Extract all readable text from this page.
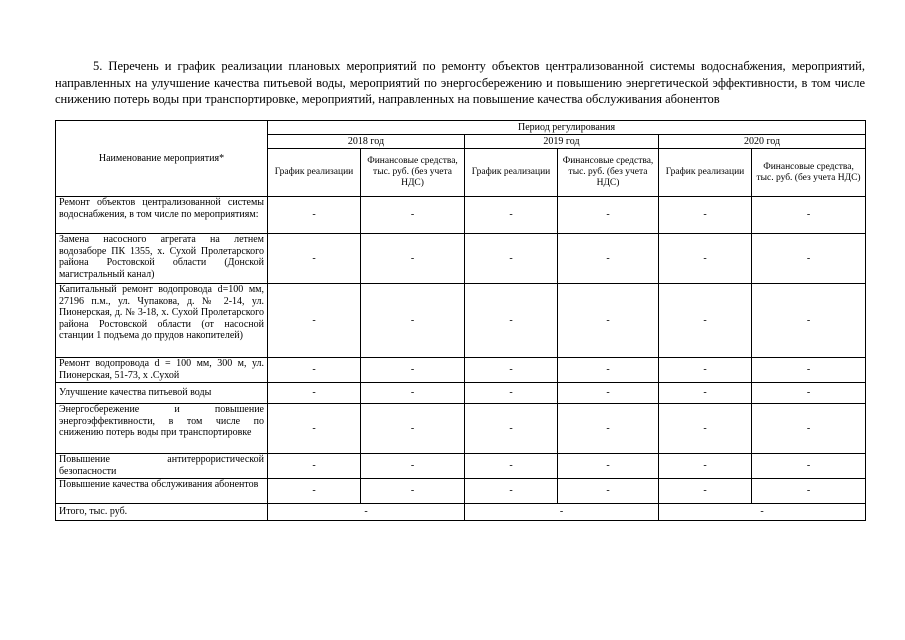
5. Перечень и график реализации плановых мероприятий по ремонту объектов централизованной системы водоснабжения, мероприятий, направленных на улучшение качества питьевой воды, мероприятий по энергосбережению и повышению энергетической эффективности, в том числе снижению потерь воды при транспортировке, мероприятий, направленных на повышение качества обслуживания абонентов
Наименование мероприятия*	Период регулирования					
	2018 год		2019 год		2020 год	
	График реализации	Финансовые средства, тыс. руб. (без учета НДС)	График реализации	Финансовые средства, тыс. руб. (без учета НДС)	График реализации	Финансовые средства, тыс. руб. (без учета НДС)
Ремонт объектов централизованной системы водоснабжения, в том числе по мероприятиям:	-	-	-	-	-	-
Замена насосного агрегата на летнем водозаборе ПК 1355, х. Сухой Пролетарского района Ростовской области (Донской магистральный канал)	-	-	-	-	-	-
Капитальный ремонт водопровода d=100 мм, 27196 п.м., ул. Чупакова, д. № 2-14, ул. Пионерская, д. № 3-18, х. Сухой Пролетарского района Ростовской области (от насосной станции 1 подъема до прудов накопителей)	-	-	-	-	-	-
Ремонт водопровода d = 100 мм, 300 м, ул. Пионерская, 51-73, х .Сухой	-	-	-	-	-	-
Улучшение качества питьевой воды	-	-	-	-	-	-
Энергосбережение и повышение энергоэффективности, в том числе по снижению потерь воды при транспортировке	-	-	-	-	-	-
Повышение антитеррористической безопасности	-	-	-	-	-	-
Повышение качества обслуживания абонентов	-	-	-	-	-	-
Итого, тыс. руб.	-		-		-	
